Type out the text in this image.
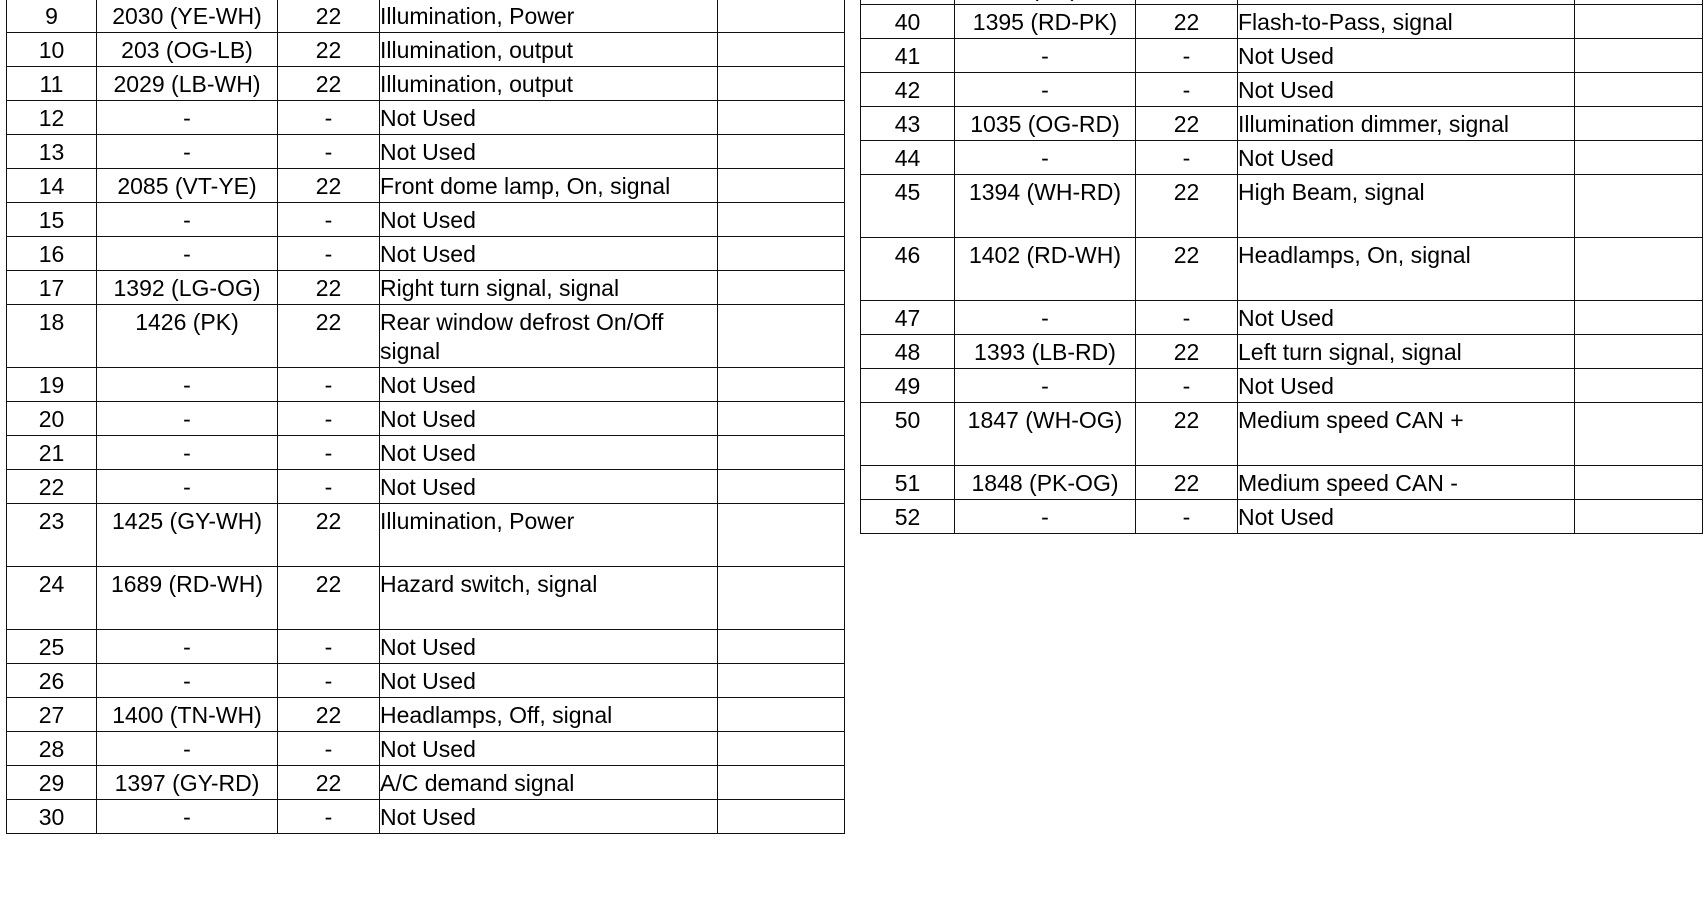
9	2030 (YE-WH)	22	Illumination, Power	
10	203 (OG-LB)	22	Illumination, output	
11	2029 (LB-WH)	22	Illumination, output	
12	-	-	Not Used	
13	-	-	Not Used	
14	2085 (VT-YE)	22	Front dome lamp, On, signal	
15	-	-	Not Used	
16	-	-	Not Used	
17	1392 (LG-OG)	22	Right turn signal, signal	
18	1426 (PK)	22	Rear window defrost On/Off signal	
19	-	-	Not Used	
20	-	-	Not Used	
21	-	-	Not Used	
22	-	-	Not Used	
23	1425 (GY-WH)	22	Illumination, Power	
24	1689 (RD-WH)	22	Hazard switch, signal	
25	-	-	Not Used	
26	-	-	Not Used	
27	1400 (TN-WH)	22	Headlamps, Off, signal	
28	-	-	Not Used	
29	1397 (GY-RD)	22	A/C demand signal	
30	-	-	Not Used	

40	1395 (RD-PK)	22	Flash-to-Pass, signal	
41	-	-	Not Used	
42	-	-	Not Used	
43	1035 (OG-RD)	22	Illumination dimmer, signal	
44	-	-	Not Used	
45	1394 (WH-RD)	22	High Beam, signal	
46	1402 (RD-WH)	22	Headlamps, On, signal	
47	-	-	Not Used	
48	1393 (LB-RD)	22	Left turn signal, signal	
49	-	-	Not Used	
50	1847 (WH-OG)	22	Medium speed CAN +	
51	1848 (PK-OG)	22	Medium speed CAN -	
52	-	-	Not Used	
